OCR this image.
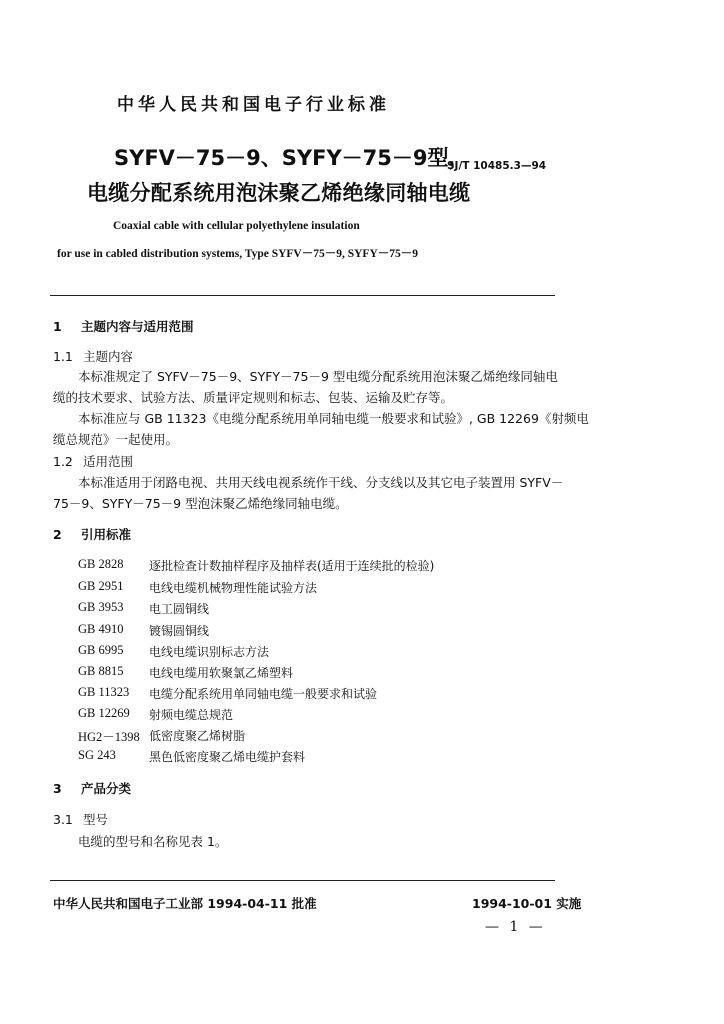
中华人民共和国电子行业标准
SYFV－75－9、SYFY－75－9型，
电缆分配系统用泡沫聚乙烯绝缘同轴电缆
SJ/T 10485.3—94
Coaxial cable with cellular polyethylene insulation
for use in cabled distribution systems, Type SYFV－75－9, SYFY－75－9
1 主题内容与适用范围
1.1 主题内容
本标准规定了 SYFV－75－9、SYFY－75－9 型电缆分配系统用泡沫聚乙烯绝缘同轴电
缆的技术要求、试验方法、质量评定规则和标志、包装、运输及贮存等。
本标准应与 GB 11323《电缆分配系统用单同轴电缆一般要求和试验》, GB 12269《射频电
缆总规范》一起使用。
1.2 适用范围
本标准适用于闭路电视、共用天线电视系统作干线、分支线以及其它电子装置用 SYFV－
75－9、SYFY－75－9 型泡沫聚乙烯绝缘同轴电缆。
2 引用标准
GB 2828 逐批检查计数抽样程序及抽样表(适用于连续批的检验)
GB 2951 电线电缆机械物理性能试验方法
GB 3953 电工圆铜线
GB 4910 镀锡圆铜线
GB 6995 电线电缆识别标志方法
GB 8815 电线电缆用软聚氯乙烯塑料
GB 11323 电缆分配系统用单同轴电缆一般要求和试验
GB 12269 射频电缆总规范
HG2－1398 低密度聚乙烯树脂
SG 243	黑色低密度聚乙烯电缆护套料
3 产品分类
3.1 型号
电缆的型号和名称见表 1。
中华人民共和国电子工业部 1994-04-11 批准	1994-10-01 实施
— 1 —
